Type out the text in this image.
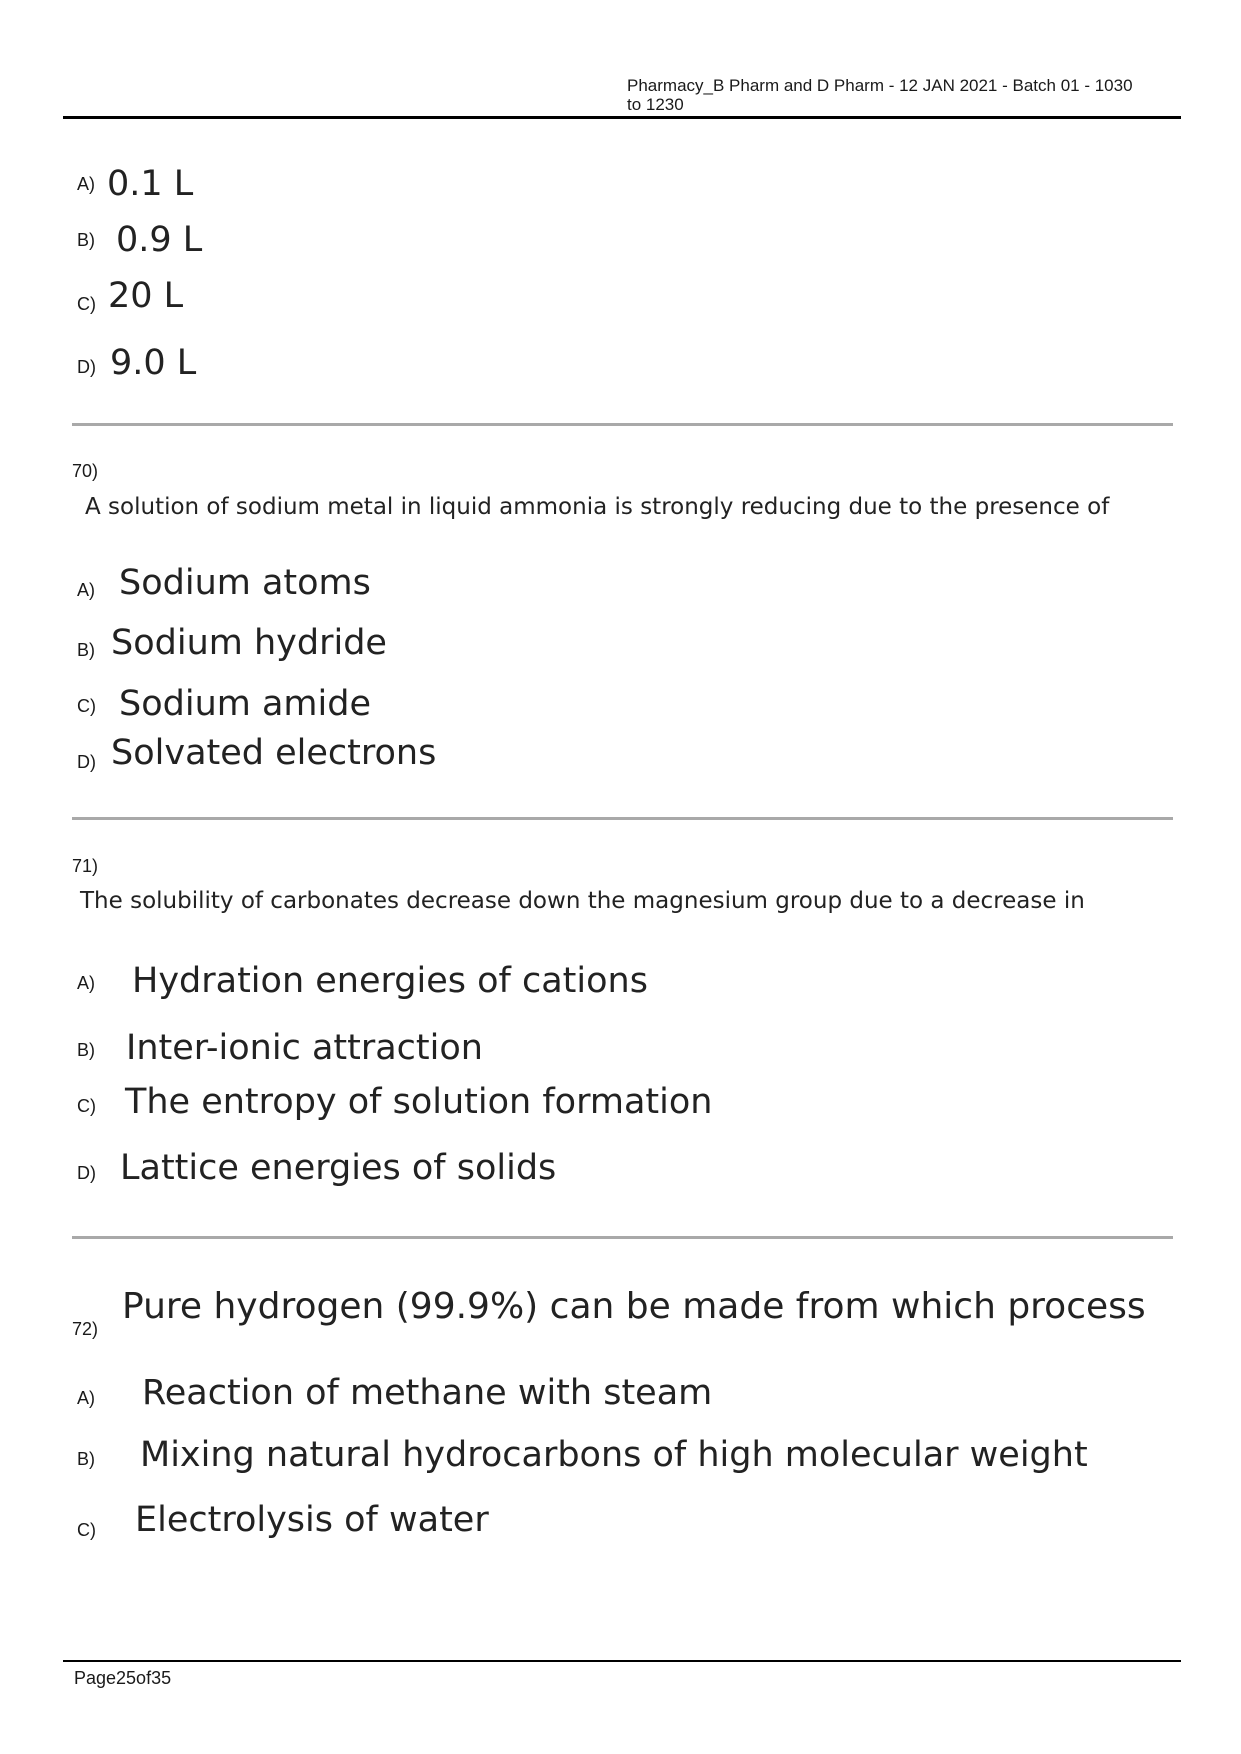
Pharmacy_B Pharm and D Pharm - 12 JAN 2021 - Batch 01 - 1030 to 1230
A) 0.1 L
B) 0.9 L
C) 20 L
D) 9.0 L
70)
A solution of sodium metal in liquid ammonia is strongly reducing due to the presence of
A) Sodium atoms
B) Sodium hydride
C) Sodium amide
D) Solvated electrons
71)
The solubility of carbonates decrease down the magnesium group due to a decrease in
A) Hydration energies of cations
B) Inter-ionic attraction
C) The entropy of solution formation
D) Lattice energies of solids
72)
Pure hydrogen (99.9%) can be made from which process
A) Reaction of methane with steam
B) Mixing natural hydrocarbons of high molecular weight
C) Electrolysis of water
Page25of35
